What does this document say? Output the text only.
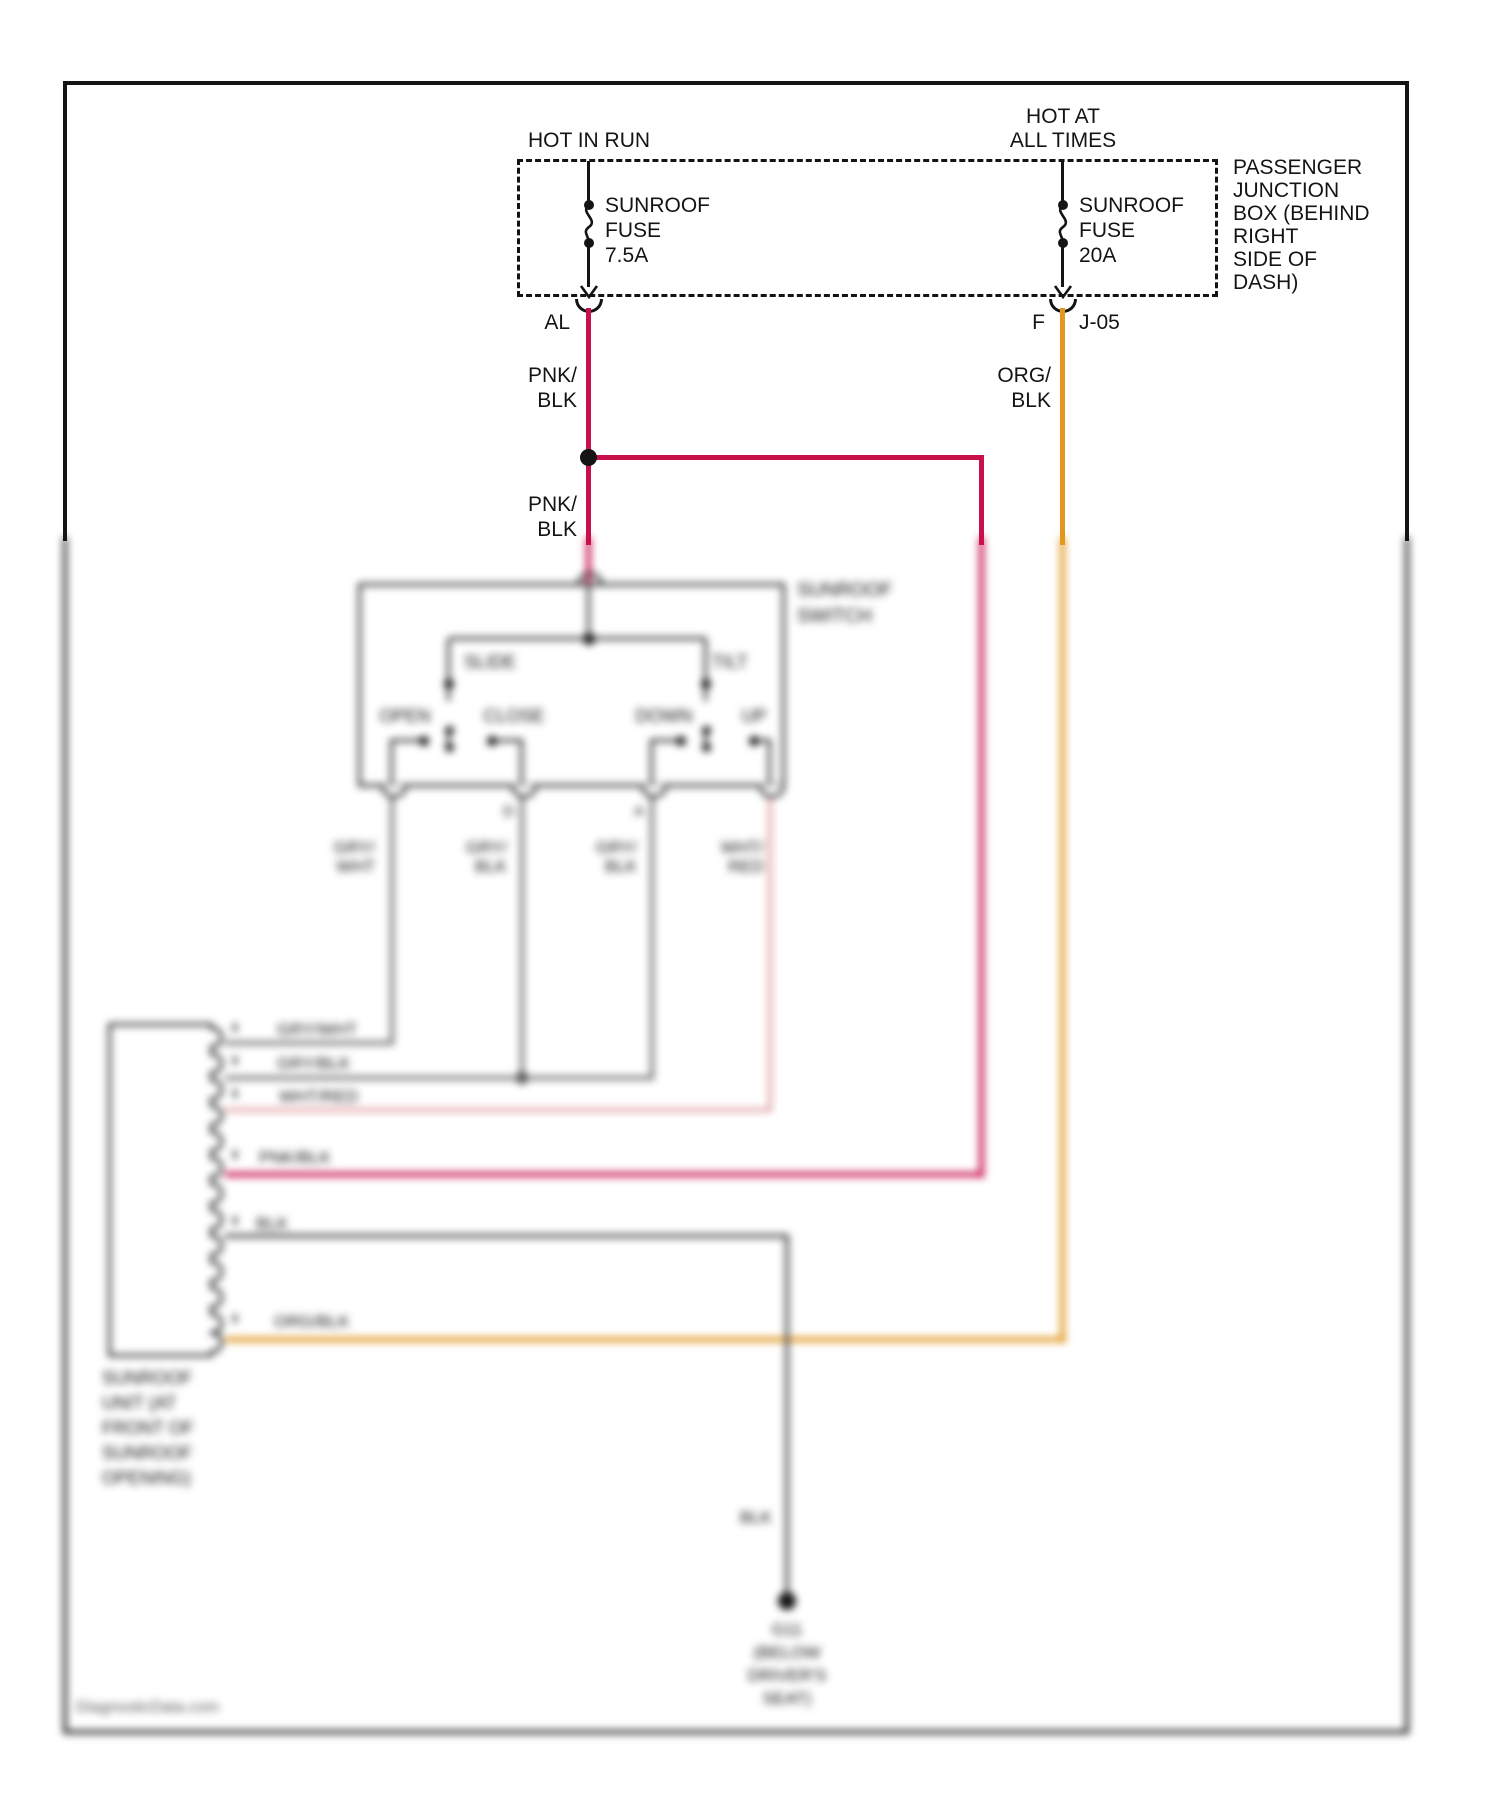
SUNROOF
SWITCH
SLIDE	TILT
OPEN	CLOSE	DOWN	UP
D	A
GRY/
WHT
GRY/
BLK
GRY/
BLK
WHT/
RED
GRY/WHT
GRY/BLK
WHT/RED
PNK/BLK
BLK
ORG/BLK
SUNROOF
UNIT (AT
FRONT OF
SUNROOF
OPENING)
BLK
G11
(BELOW
DRIVER'S
SEAT)
DiagnosticData.com
HOT IN RUN
HOT AT
ALL TIMES
PASSENGER
JUNCTION
BOX (BEHIND
RIGHT
SIDE OF
DASH)
SUNROOF
FUSE
7.5A
SUNROOF
FUSE
20A
AL	F J-05
PNK/
BLK
ORG/
BLK
PNK/
BLK
